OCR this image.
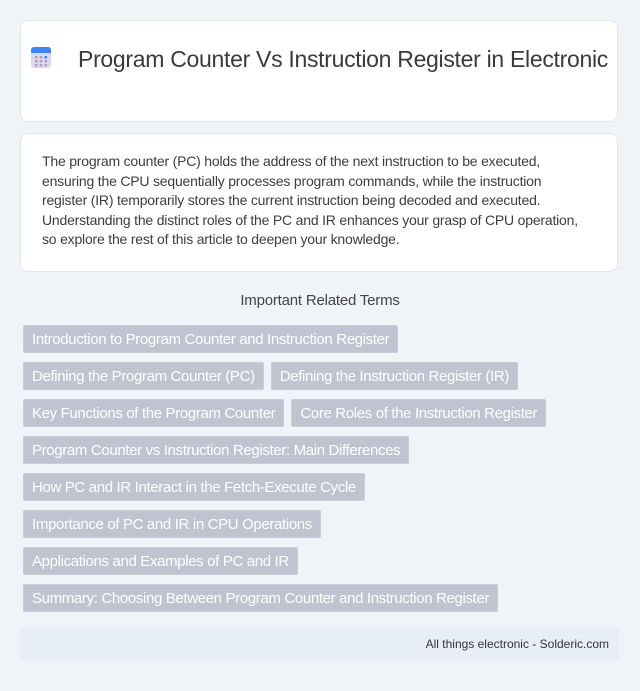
Program Counter Vs Instruction Register in Electronic
The program counter (PC) holds the address of the next instruction to be executed, ensuring the CPU sequentially processes program commands, while the instruction register (IR) temporarily stores the current instruction being decoded and executed. Understanding the distinct roles of the PC and IR enhances your grasp of CPU operation, so explore the rest of this article to deepen your knowledge.
Important Related Terms
Introduction to Program Counter and Instruction Register
Defining the Program Counter (PC)	Defining the Instruction Register (IR)
Key Functions of the Program Counter	Core Roles of the Instruction Register
Program Counter vs Instruction Register: Main Differences
How PC and IR Interact in the Fetch-Execute Cycle
Importance of PC and IR in CPU Operations
Applications and Examples of PC and IR
Summary: Choosing Between Program Counter and Instruction Register
All things electronic - Solderic.com
